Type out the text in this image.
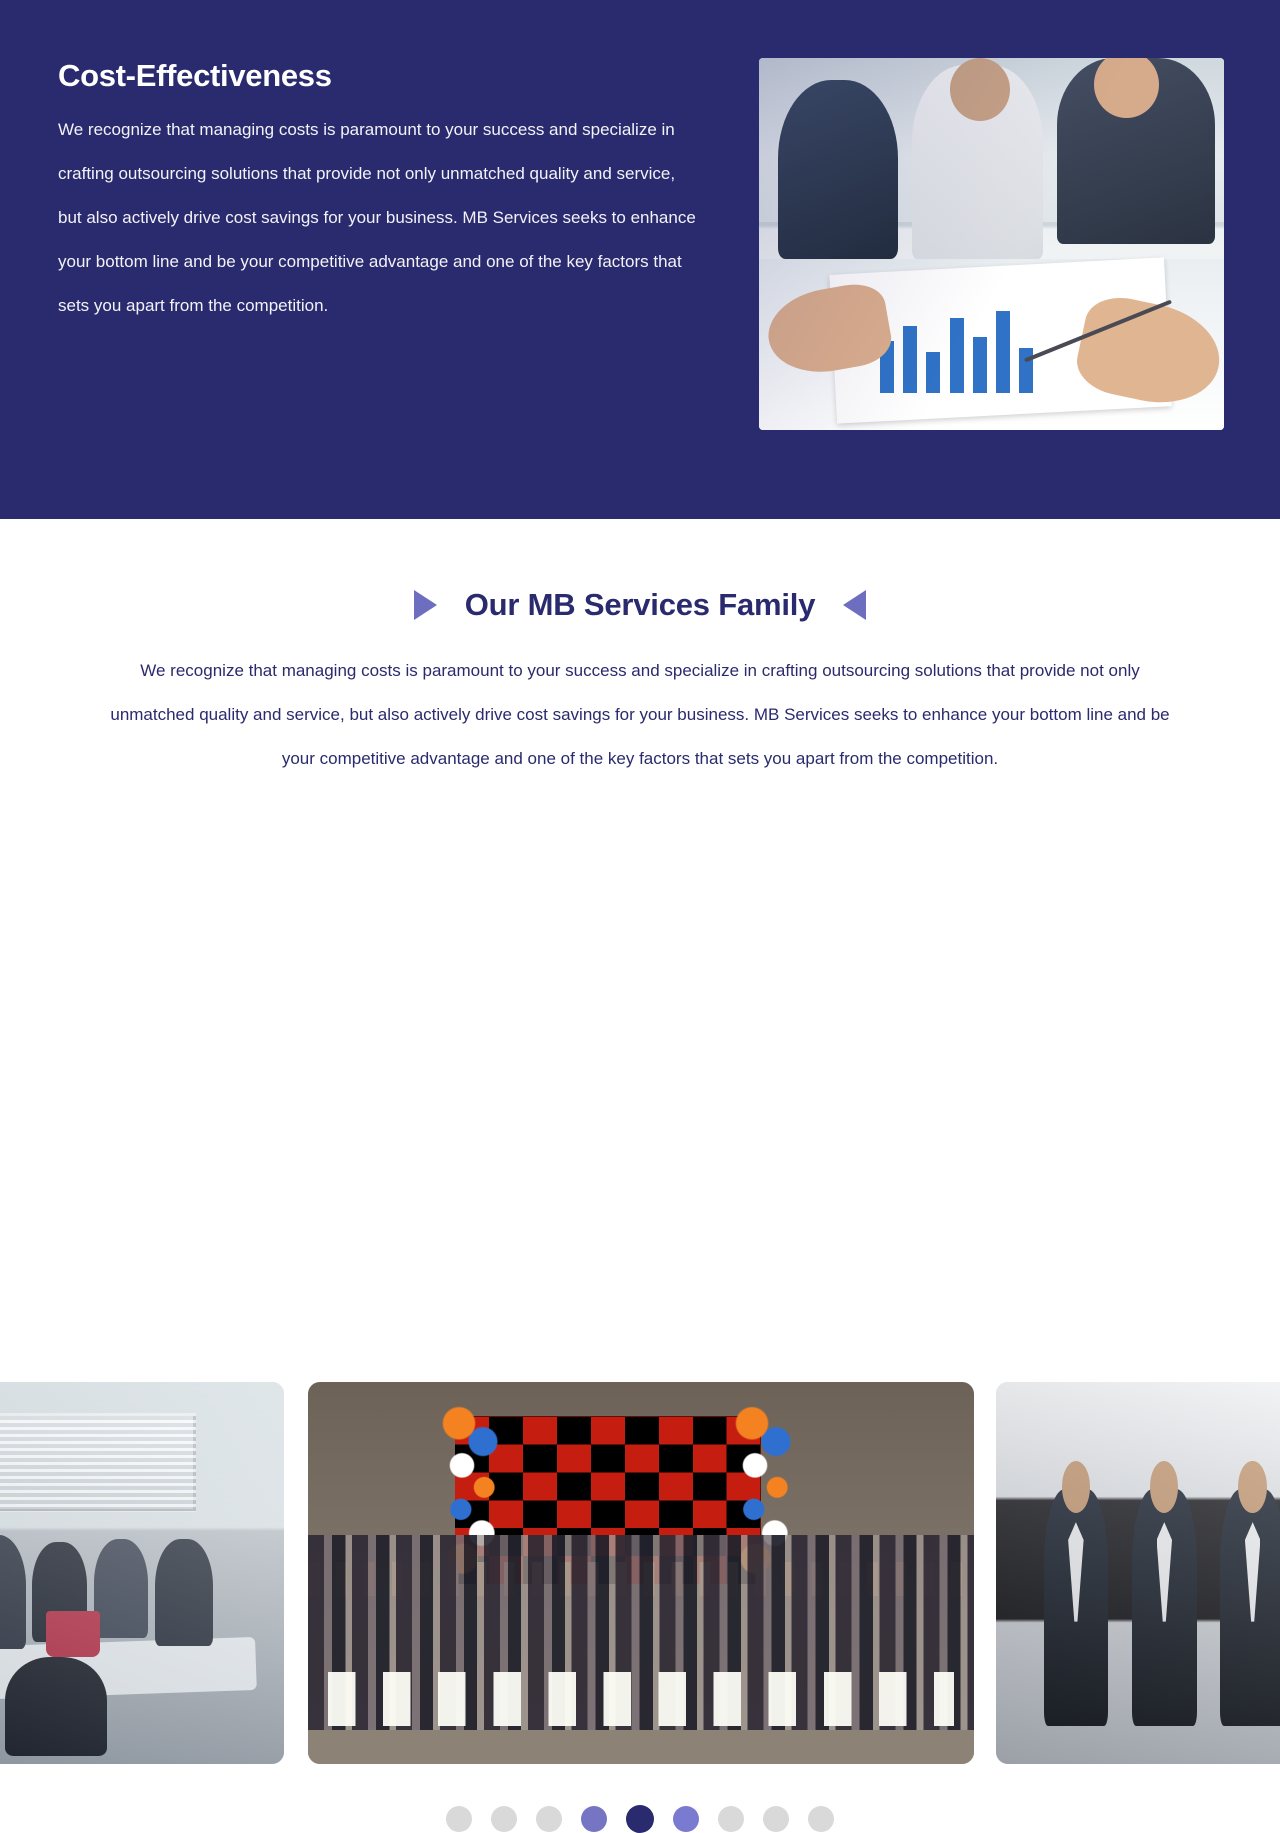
Cost-Effectiveness

We recognize that managing costs is paramount to your success and specialize in crafting outsourcing solutions that provide not only unmatched quality and service, but also actively drive cost savings for your business. MB Services seeks to enhance your bottom line and be your competitive advantage and one of the key factors that sets you apart from the competition.

Our MB Services Family

We recognize that managing costs is paramount to your success and specialize in crafting outsourcing solutions that provide not only unmatched quality and service, but also actively drive cost savings for your business. MB Services seeks to enhance your bottom line and be your competitive advantage and one of the key factors that sets you apart from the competition.
